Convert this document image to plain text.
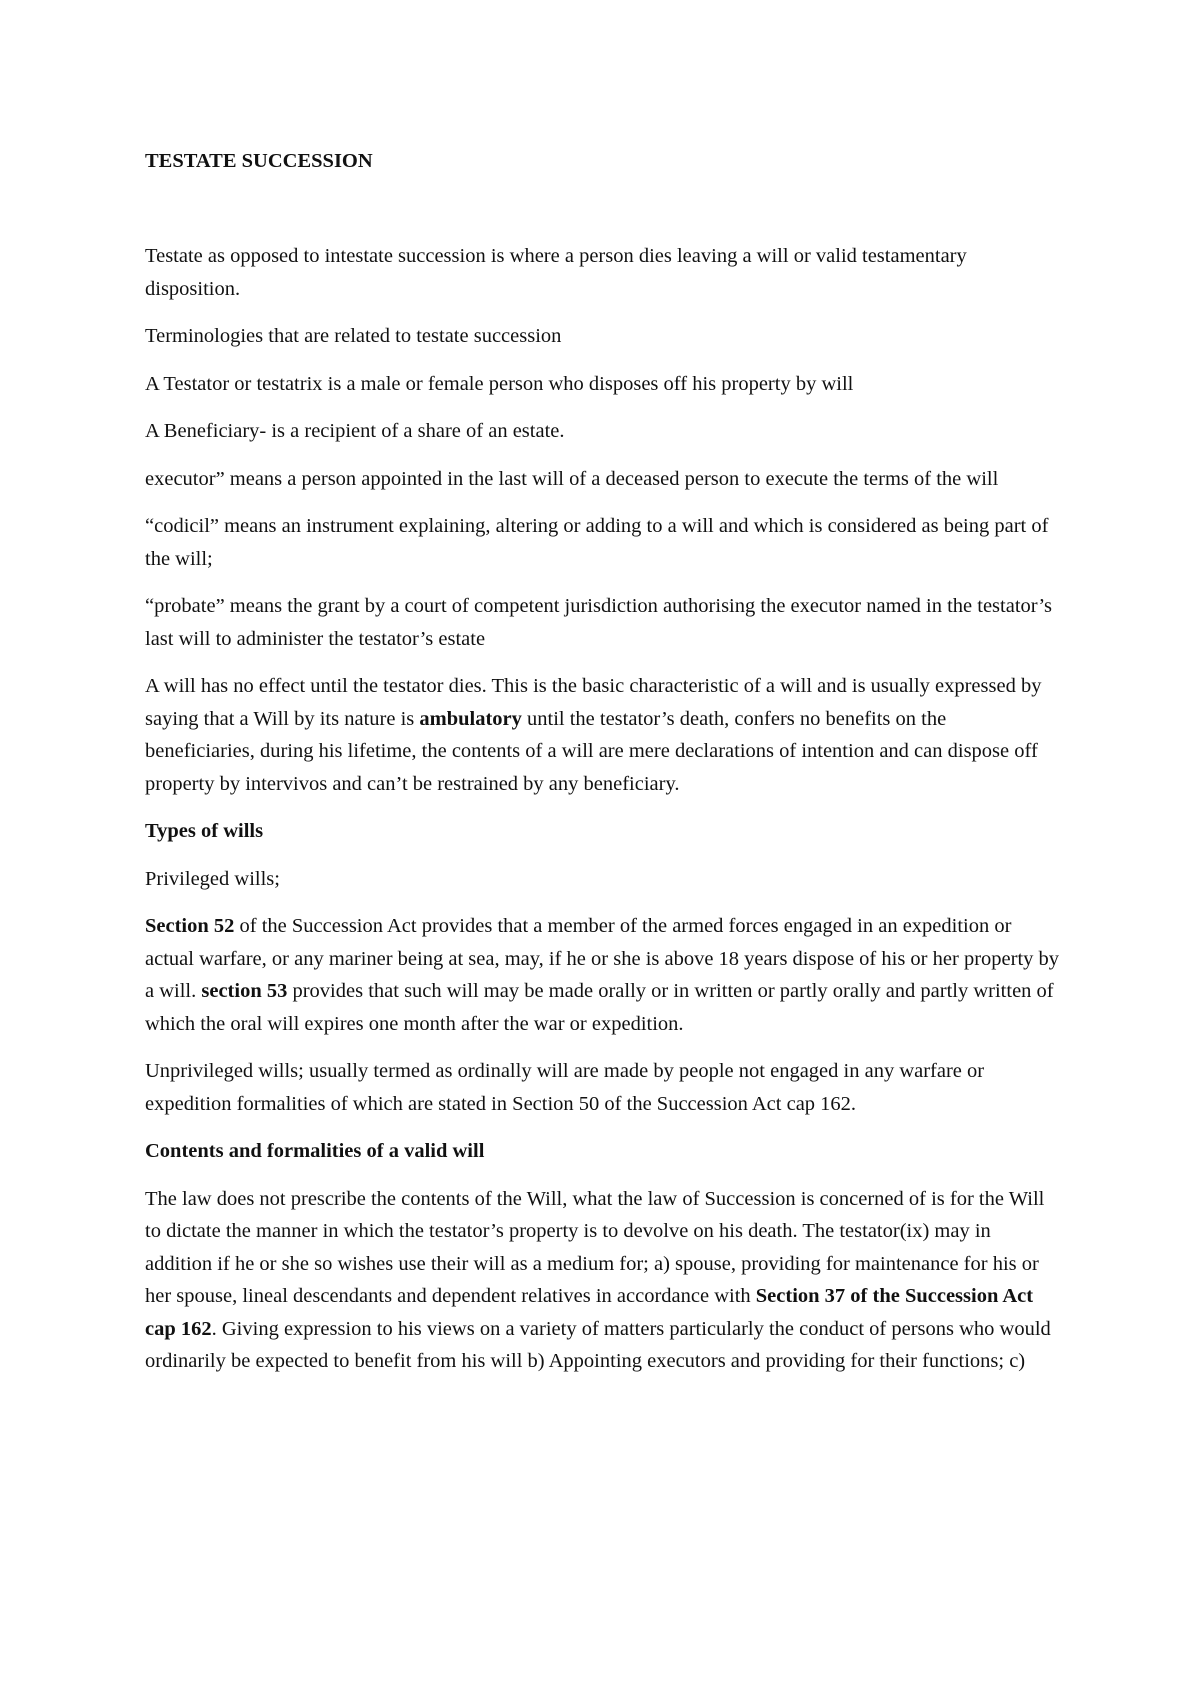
TESTATE SUCCESSION

Testate as opposed to intestate succession is where a person dies leaving a will or valid testamentary disposition.

Terminologies that are related to testate succession

A Testator or testatrix is a male or female person who disposes off his property by will

A Beneficiary- is a recipient of a share of an estate.

executor” means a person appointed in the last will of a deceased person to execute the terms of the will

“codicil” means an instrument explaining, altering or adding to a will and which is considered as being part of the will;

“probate” means the grant by a court of competent jurisdiction authorising the executor named in the testator’s last will to administer the testator’s estate

A will has no effect until the testator dies. This is the basic characteristic of a will and is usually expressed by saying that a Will by its nature is ambulatory until the testator’s death, confers no benefits on the beneficiaries, during his lifetime, the contents of a will are mere declarations of intention and can dispose off property by intervivos and can’t be restrained by any beneficiary.

Types of wills

Privileged wills;

Section 52 of the Succession Act provides that a member of the armed forces engaged in an expedition or actual warfare, or any mariner being at sea, may, if he or she is above 18 years dispose of his or her property by a will. section 53 provides that such will may be made orally or in written or partly orally and partly written of which the oral will expires one month after the war or expedition.

Unprivileged wills; usually termed as ordinally will are made by people not engaged in any warfare or expedition formalities of which are stated in Section 50 of the Succession Act cap 162.

Contents and formalities of a valid will

The law does not prescribe the contents of the Will, what the law of Succession is concerned of is for the Will to dictate the manner in which the testator’s property is to devolve on his death. The testator(ix) may in addition if he or she so wishes use their will as a medium for; a) spouse, providing for maintenance for his or her spouse, lineal descendants and dependent relatives in accordance with Section 37 of the Succession Act cap 162. Giving expression to his views on a variety of matters particularly the conduct of persons who would ordinarily be expected to benefit from his will b) Appointing executors and providing for their functions; c)
